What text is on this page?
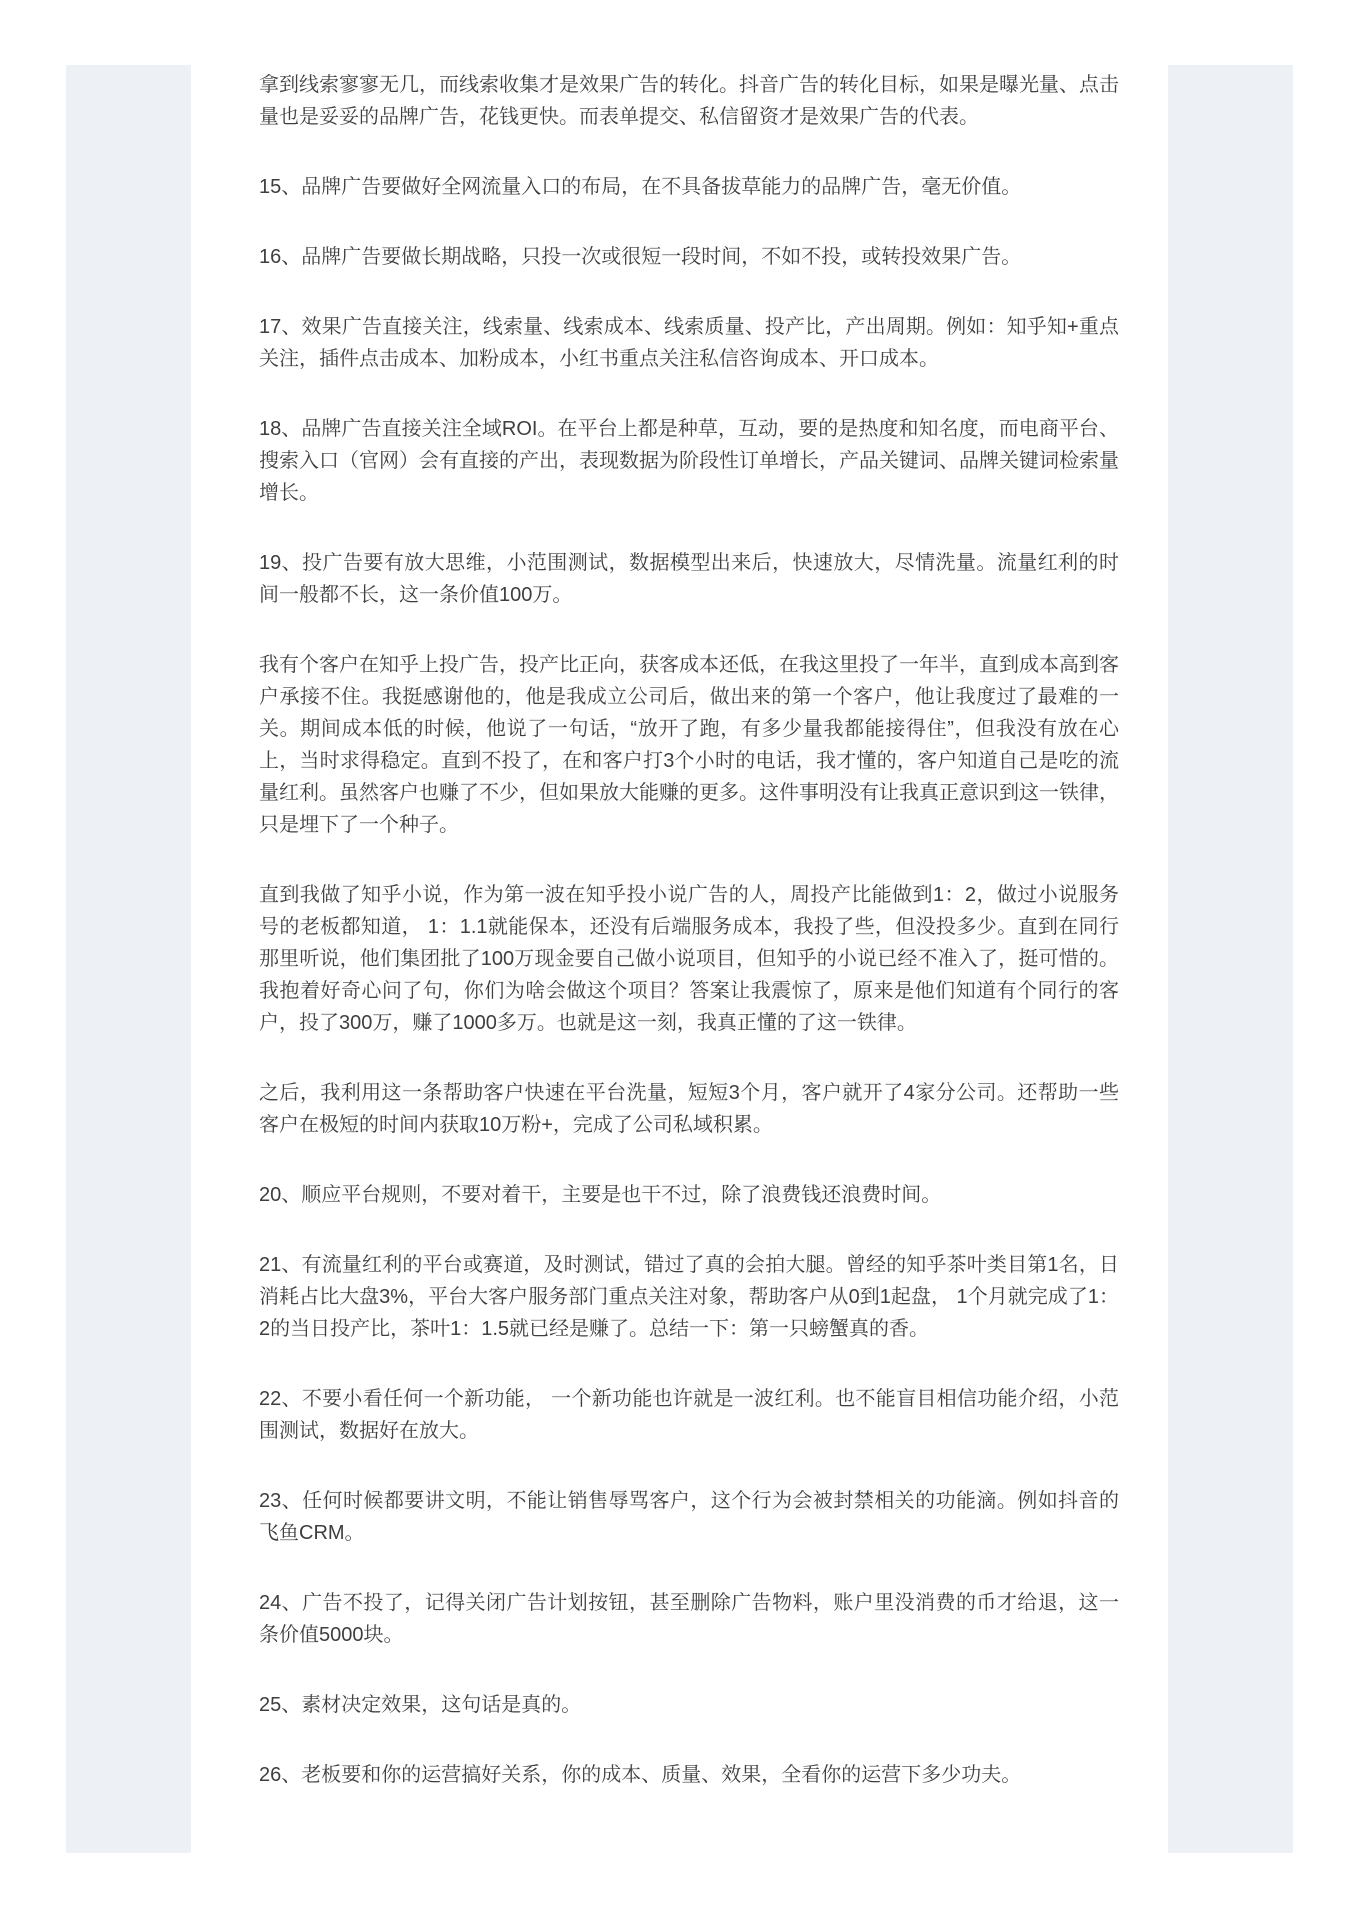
拿到线索寥寥无几，而线索收集才是效果广告的转化。抖音广告的转化目标，如果是曝光量、点击量也是妥妥的品牌广告，花钱更快。而表单提交、私信留资才是效果广告的代表。

15、品牌广告要做好全网流量入口的布局，在不具备拔草能力的品牌广告，毫无价值。

16、品牌广告要做长期战略，只投一次或很短一段时间，不如不投，或转投效果广告。

17、效果广告直接关注，线索量、线索成本、线索质量、投产比，产出周期。例如：知乎知+重点关注，插件点击成本、加粉成本，小红书重点关注私信咨询成本、开口成本。

18、品牌广告直接关注全域ROI。在平台上都是种草，互动，要的是热度和知名度，而电商平台、搜索入口（官网）会有直接的产出，表现数据为阶段性订单增长，产品关键词、品牌关键词检索量增长。

19、投广告要有放大思维，小范围测试，数据模型出来后，快速放大，尽情洗量。流量红利的时间一般都不长，这一条价值100万。

我有个客户在知乎上投广告，投产比正向，获客成本还低，在我这里投了一年半，直到成本高到客户承接不住。我挺感谢他的，他是我成立公司后，做出来的第一个客户，他让我度过了最难的一关。期间成本低的时候，他说了一句话，“放开了跑，有多少量我都能接得住”，但我没有放在心上，当时求得稳定。直到不投了，在和客户打3个小时的电话，我才懂的，客户知道自己是吃的流量红利。虽然客户也赚了不少，但如果放大能赚的更多。这件事明没有让我真正意识到这一铁律，只是埋下了一个种子。

直到我做了知乎小说，作为第一波在知乎投小说广告的人，周投产比能做到1：2，做过小说服务号的老板都知道， 1：1.1就能保本，还没有后端服务成本，我投了些，但没投多少。直到在同行那里听说，他们集团批了100万现金要自己做小说项目，但知乎的小说已经不准入了，挺可惜的。我抱着好奇心问了句，你们为啥会做这个项目？答案让我震惊了，原来是他们知道有个同行的客户，投了300万，赚了1000多万。也就是这一刻，我真正懂的了这一铁律。

之后，我利用这一条帮助客户快速在平台洗量，短短3个月，客户就开了4家分公司。还帮助一些客户在极短的时间内获取10万粉+，完成了公司私域积累。

20、顺应平台规则，不要对着干，主要是也干不过，除了浪费钱还浪费时间。

21、有流量红利的平台或赛道，及时测试，错过了真的会拍大腿。曾经的知乎茶叶类目第1名，日消耗占比大盘3%，平台大客户服务部门重点关注对象，帮助客户从0到1起盘， 1个月就完成了1：2的当日投产比，茶叶1：1.5就已经是赚了。总结一下：第一只螃蟹真的香。

22、不要小看任何一个新功能， 一个新功能也许就是一波红利。也不能盲目相信功能介绍，小范围测试，数据好在放大。

23、任何时候都要讲文明，不能让销售辱骂客户，这个行为会被封禁相关的功能滴。例如抖音的飞鱼CRM。

24、广告不投了，记得关闭广告计划按钮，甚至删除广告物料，账户里没消费的币才给退，这一条价值5000块。

25、素材决定效果，这句话是真的。

26、老板要和你的运营搞好关系，你的成本、质量、效果，全看你的运营下多少功夫。
